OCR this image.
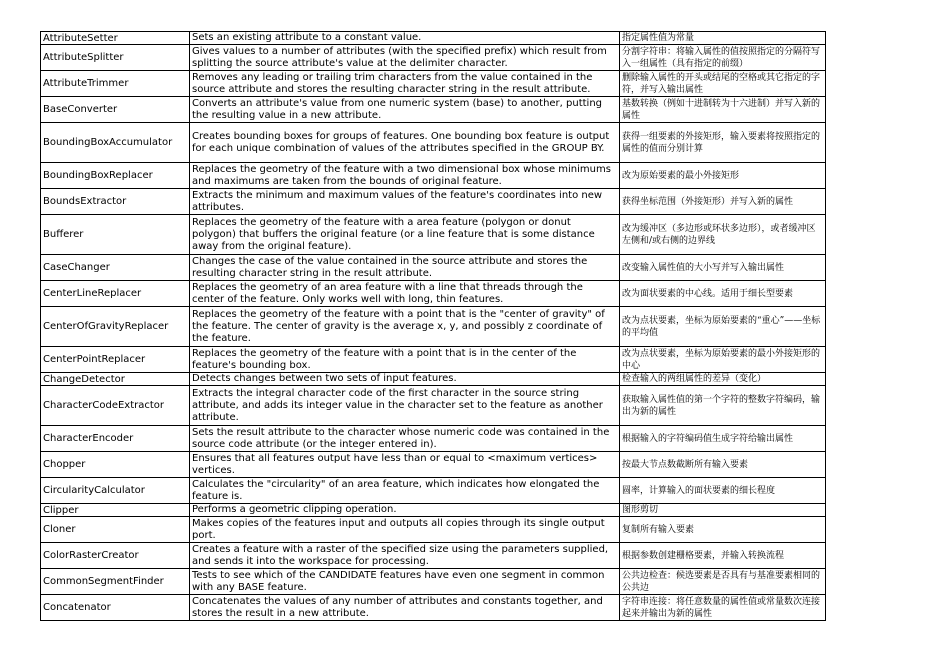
AttributeSetter	Sets an existing attribute to a constant value.	指定属性值为常量
AttributeSplitter	Gives values to a number of attributes (with the specified prefix) which result from splitting the source attribute's value at the delimiter character.	分割字符串：将输入属性的值按照指定的分隔符写入一组属性（具有指定的前缀）
AttributeTrimmer	Removes any leading or trailing trim characters from the value contained in the source attribute and stores the resulting character string in the result attribute.	删除输入属性的开头或结尾的空格或其它指定的字符，并写入输出属性
BaseConverter	Converts an attribute's value from one numeric system (base) to another, putting the resulting value in a new attribute.	基数转换（例如十进制转为十六进制）并写入新的属性
BoundingBoxAccumulator	Creates bounding boxes for groups of features. One bounding box feature is output for each unique combination of values of the attributes specified in the GROUP BY.	获得一组要素的外接矩形，输入要素将按照指定的属性的值而分别计算
BoundingBoxReplacer	Replaces the geometry of the feature with a two dimensional box whose minimums and maximums are taken from the bounds of original feature.	改为原始要素的最小外接矩形
BoundsExtractor	Extracts the minimum and maximum values of the feature's coordinates into new attributes.	获得坐标范围（外接矩形）并写入新的属性
Bufferer	Replaces the geometry of the feature with a area feature (polygon or donut polygon) that buffers the original feature (or a line feature that is some distance away from the original feature).	改为缓冲区（多边形或环状多边形），或者缓冲区左侧和/或右侧的边界线
CaseChanger	Changes the case of the value contained in the source attribute and stores the resulting character string in the result attribute.	改变输入属性值的大小写并写入输出属性
CenterLineReplacer	Replaces the geometry of an area feature with a line that threads through the center of the feature. Only works well with long, thin features.	改为面状要素的中心线。适用于细长型要素
CenterOfGravityReplacer	Replaces the geometry of the feature with a point that is the "center of gravity" of the feature. The center of gravity is the average x, y, and possibly z coordinate of the feature.	改为点状要素，坐标为原始要素的“重心”——坐标的平均值
CenterPointReplacer	Replaces the geometry of the feature with a point that is in the center of the feature's bounding box.	改为点状要素，坐标为原始要素的最小外接矩形的中心
ChangeDetector	Detects changes between two sets of input features.	检查输入的两组属性的差异（变化）
CharacterCodeExtractor	Extracts the integral character code of the first character in the source string attribute, and adds its integer value in the character set to the feature as another attribute.	获取输入属性值的第一个字符的整数字符编码，输出为新的属性
CharacterEncoder	Sets the result attribute to the character whose numeric code was contained in the source code attribute (or the integer entered in).	根据输入的字符编码值生成字符给输出属性
Chopper	Ensures that all features output have less than or equal to <maximum vertices> vertices.	按最大节点数截断所有输入要素
CircularityCalculator	Calculates the "circularity" of an area feature, which indicates how elongated the feature is.	圆率，计算输入的面状要素的细长程度
Clipper	Performs a geometric clipping operation.	图形剪切
Cloner	Makes copies of the features input and outputs all copies through its single output port.	复制所有输入要素
ColorRasterCreator	Creates a feature with a raster of the specified size using the parameters supplied, and sends it into the workspace for processing.	根据参数创建栅格要素，并输入转换流程
CommonSegmentFinder	Tests to see which of the CANDIDATE features have even one segment in common with any BASE feature.	公共边检查：候选要素是否具有与基准要素相同的公共边
Concatenator	Concatenates the values of any number of attributes and constants together, and stores the result in a new attribute.	字符串连接：将任意数量的属性值或常量数次连接起来并输出为新的属性
